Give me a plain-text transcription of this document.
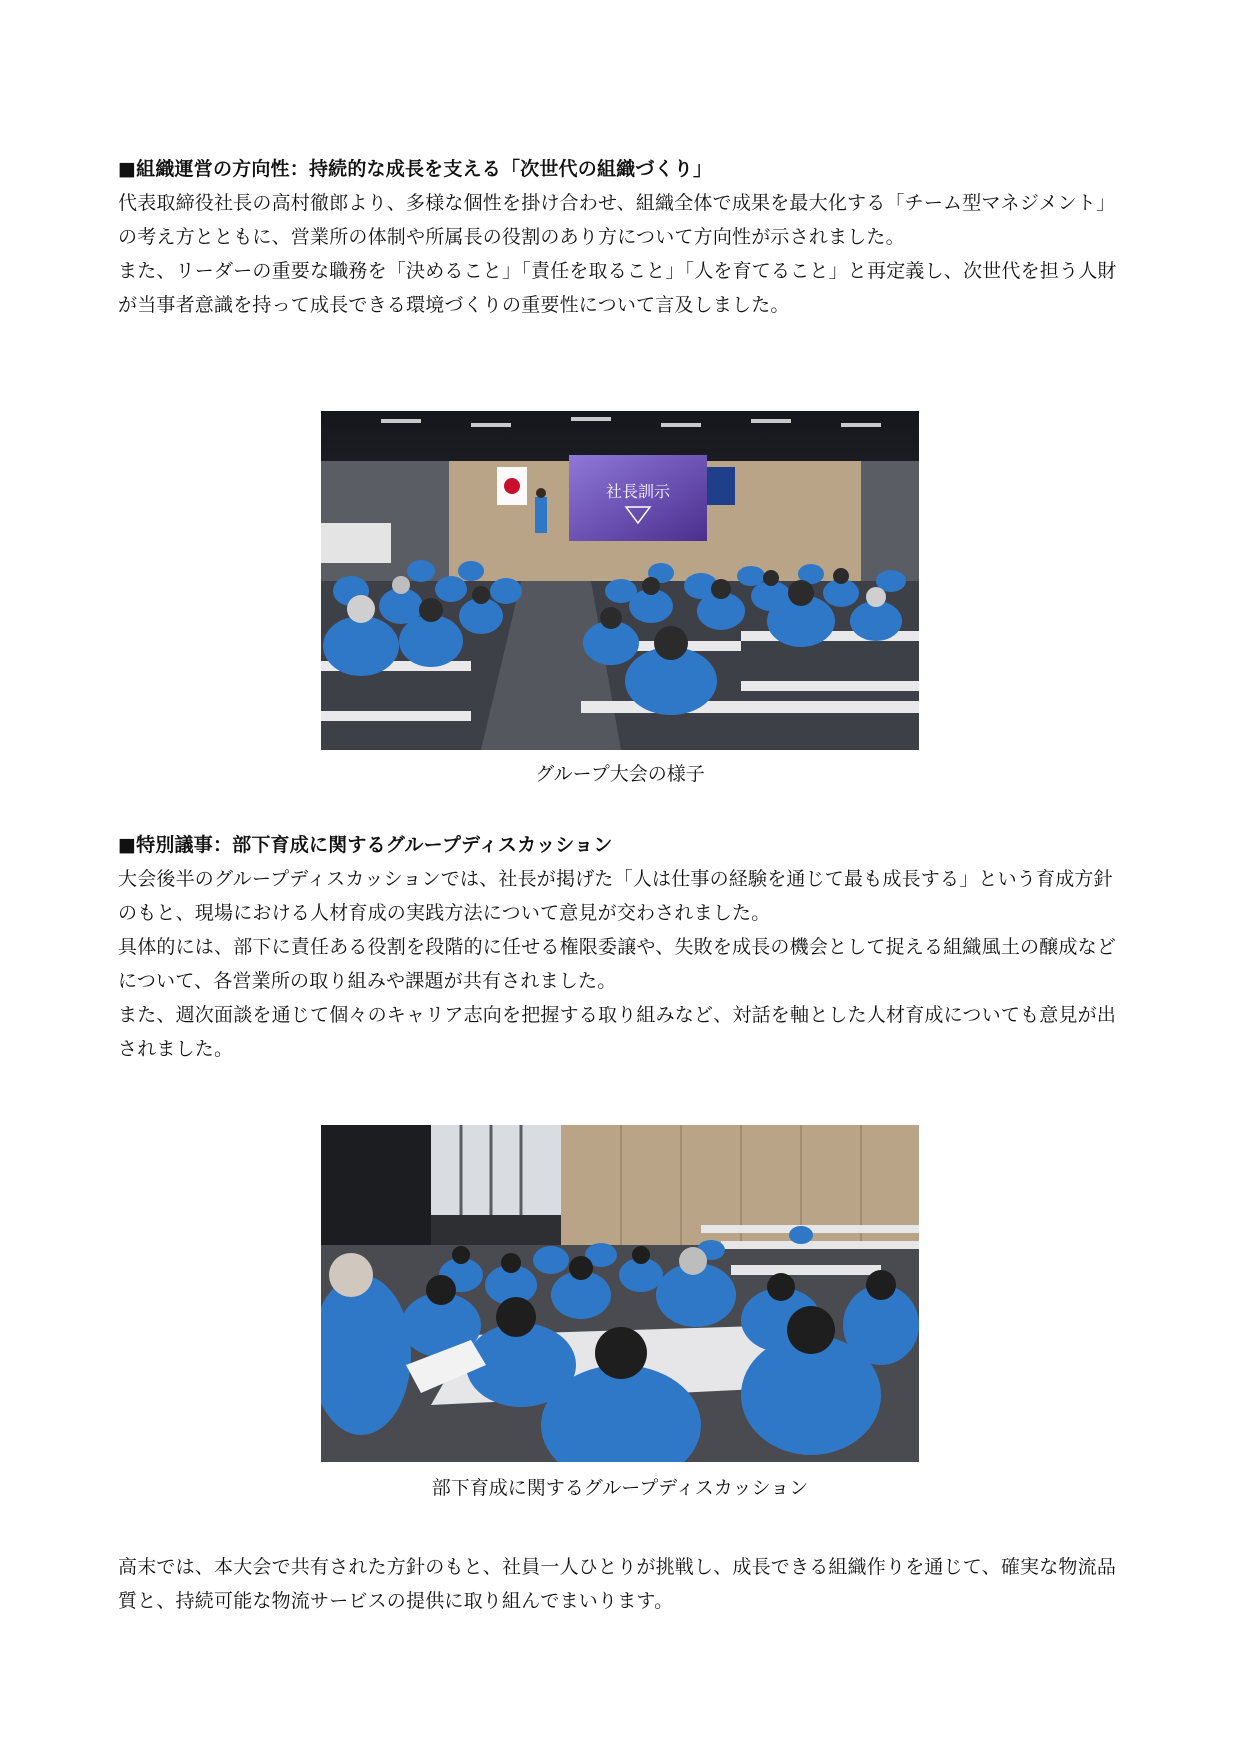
■組織運営の方向性：持続的な成長を支える「次世代の組織づくり」

代表取締役社長の高村徹郎より、多様な個性を掛け合わせ、組織全体で成果を最大化する「チーム型マネジメント」の考え方とともに、営業所の体制や所属長の役割のあり方について方向性が示されました。

また、リーダーの重要な職務を「決めること」「責任を取ること」「人を育てること」と再定義し、次世代を担う人財が当事者意識を持って成長できる環境づくりの重要性について言及しました。

社長訓示
グループ大会の様子
■特別議事：部下育成に関するグループディスカッション

大会後半のグループディスカッションでは、社長が掲げた「人は仕事の経験を通じて最も成長する」という育成方針のもと、現場における人材育成の実践方法について意見が交わされました。

具体的には、部下に責任ある役割を段階的に任せる権限委譲や、失敗を成長の機会として捉える組織風土の醸成などについて、各営業所の取り組みや課題が共有されました。

また、週次面談を通じて個々のキャリア志向を把握する取り組みなど、対話を軸とした人材育成についても意見が出されました。

部下育成に関するグループディスカッション

高末では、本大会で共有された方針のもと、社員一人ひとりが挑戦し、成長できる組織作りを通じて、確実な物流品質と、持続可能な物流サービスの提供に取り組んでまいります。
